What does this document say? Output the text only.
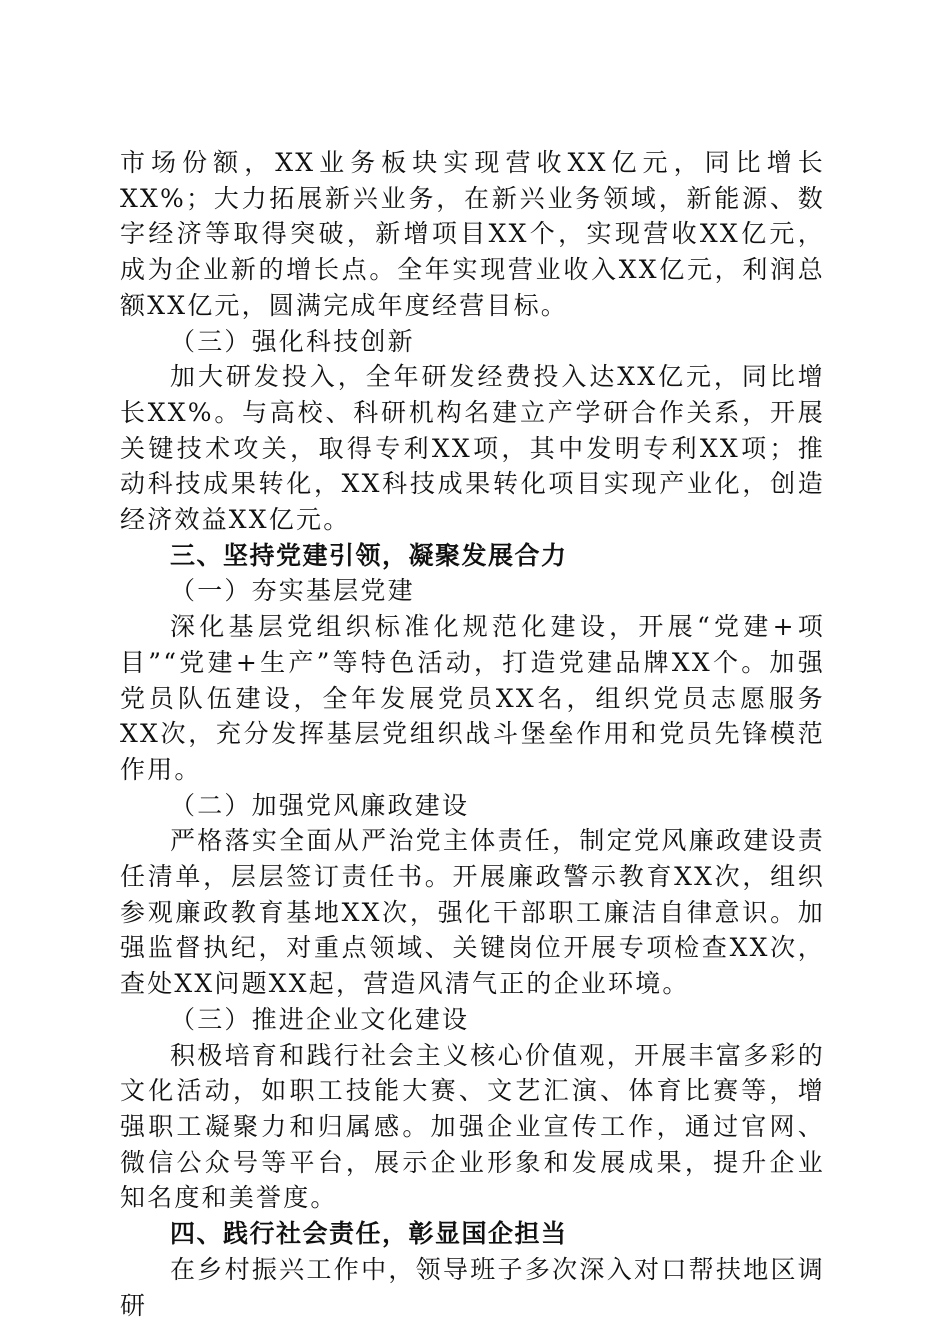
市场份额，XX业务板块实现营收XX亿元，同比增长XX%；大力拓展新兴业务，在新兴业务领域，新能源、数字经济等取得突破，新增项目XX个，实现营收XX亿元，成为企业新的增长点。全年实现营业收入XX亿元，利润总额XX亿元，圆满完成年度经营目标。

（三）强化科技创新

加大研发投入，全年研发经费投入达XX亿元，同比增长XX%。与高校、科研机构名建立产学研合作关系，开展关键技术攻关，取得专利XX项，其中发明专利XX项；推动科技成果转化，XX科技成果转化项目实现产业化，创造经济效益XX亿元。

三、坚持党建引领，凝聚发展合力

（一）夯实基层党建

深化基层党组织标准化规范化建设，开展“党建+项目”“党建+生产”等特色活动，打造党建品牌XX个。加强党员队伍建设，全年发展党员XX名，组织党员志愿服务XX次，充分发挥基层党组织战斗堡垒作用和党员先锋模范作用。

（二）加强党风廉政建设

严格落实全面从严治党主体责任，制定党风廉政建设责任清单，层层签订责任书。开展廉政警示教育XX次，组织参观廉政教育基地XX次，强化干部职工廉洁自律意识。加强监督执纪，对重点领域、关键岗位开展专项检查XX次，查处XX问题XX起，营造风清气正的企业环境。

（三）推进企业文化建设

积极培育和践行社会主义核心价值观，开展丰富多彩的文化活动，如职工技能大赛、文艺汇演、体育比赛等，增强职工凝聚力和归属感。加强企业宣传工作，通过官网、微信公众号等平台，展示企业形象和发展成果，提升企业知名度和美誉度。

四、践行社会责任，彰显国企担当

在乡村振兴工作中，领导班子多次深入对口帮扶地区调研
